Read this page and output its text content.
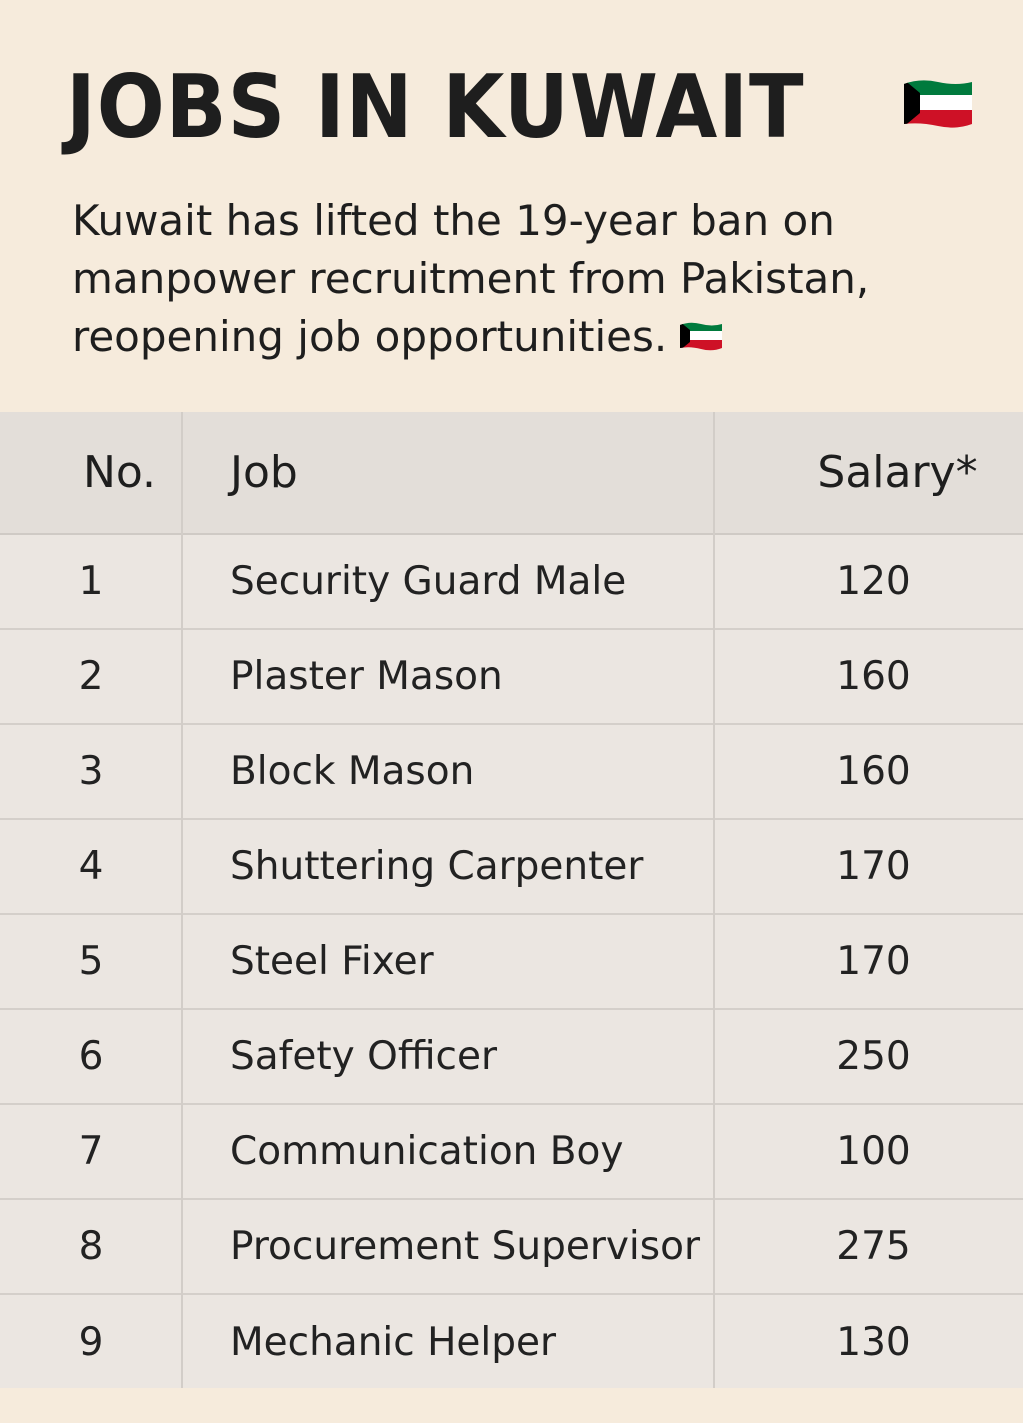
JOBS IN KUWAIT
Kuwait has lifted the 19-year ban on
manpower recruitment from Pakistan,
reopening job opportunities.
No.	Job	Salary*
1	Security Guard Male	120
2	Plaster Mason	160
3	Block Mason	160
4	Shuttering Carpenter	170
5	Steel Fixer	170
6	Safety Officer	250
7	Communication Boy	100
8	Procurement Supervisor	275
9	Mechanic Helper	130
